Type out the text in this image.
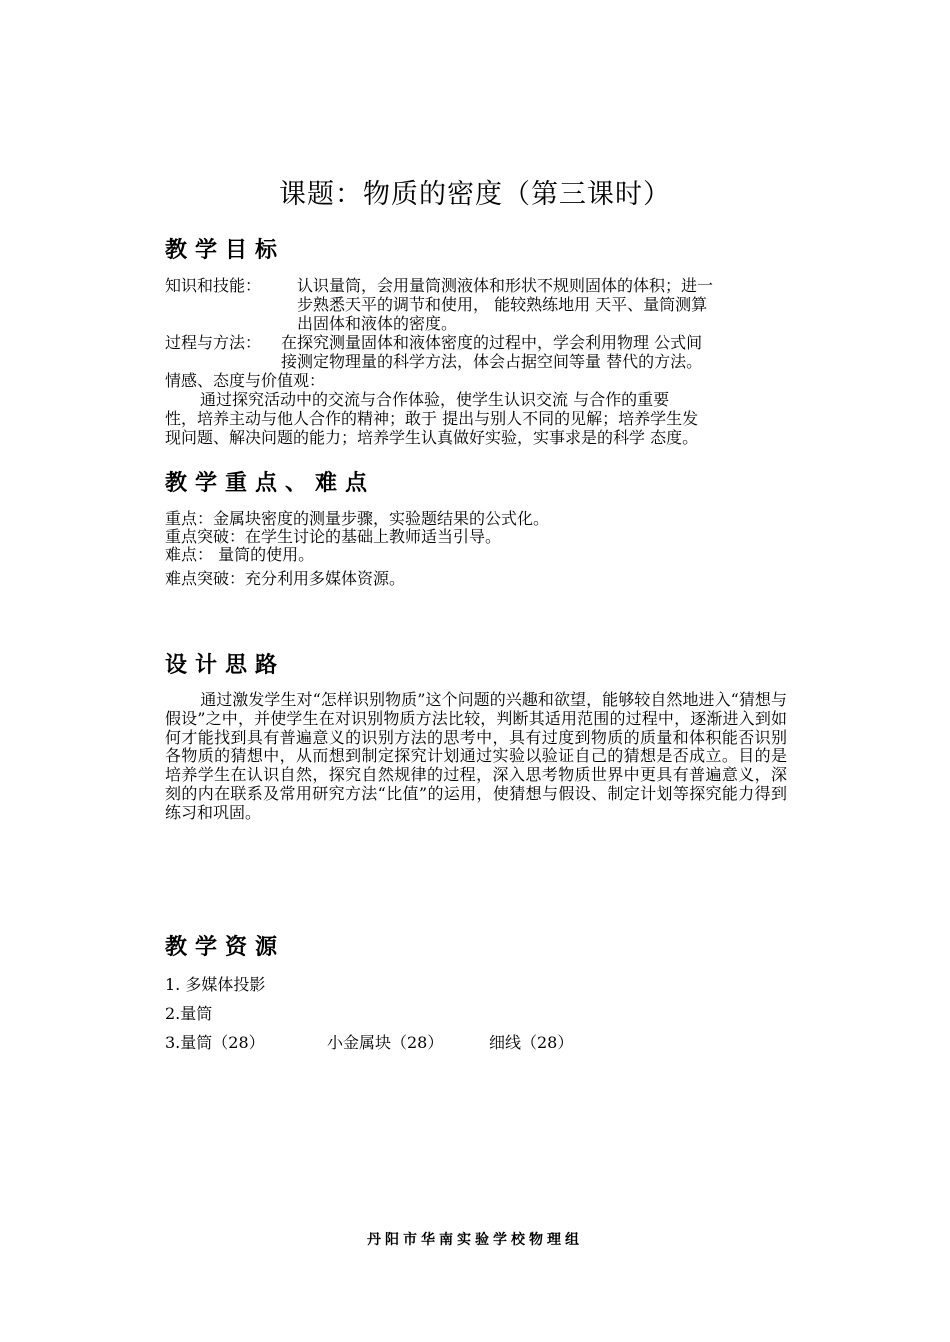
课题：物质的密度（第三课时）
教学目标
知识和技能： 认识量筒，会用量筒测液体和形状不规则固体的体积；进一
步熟悉天平的调节和使用， 能较熟练地用 天平、量筒测算
出固体和液体的密度。
过程与方法： 在探究测量固体和液体密度的过程中，学会利用物理 公式间
接测定物理量的科学方法，体会占据空间等量 替代的方法。
情感、态度与价值观：
通过探究活动中的交流与合作体验，使学生认识交流 与合作的重要
性，培养主动与他人合作的精神；敢于 提出与别人不同的见解；培养学生发
现问题、解决问题的能力；培养学生认真做好实验，实事求是的科学 态度。
教学重点、难点
重点：金属块密度的测量步骤，实验题结果的公式化。
重点突破：在学生讨论的基础上教师适当引导。
难点： 量筒的使用。
难点突破：充分利用多媒体资源。
设计思路

通过激发学生对“怎样识别物质”这个问题的兴趣和欲望，能够较自然地进入“猜想与假设”之中，并使学生在对识别物质方法比较，判断其适用范围的过程中，逐渐进入到如何才能找到具有普遍意义的识别方法的思考中，具有过度到物质的质量和体积能否识别各物质的猜想中，从而想到制定探究计划通过实验以验证自己的猜想是否成立。目的是培养学生在认识自然，探究自然规律的过程，深入思考物质世界中更具有普遍意义，深刻的内在联系及常用研究方法“比值”的运用，使猜想与假设、制定计划等探究能力得到练习和巩固。

教学资源
1. 多媒体投影
2.量筒
3.量筒（28）	小金属块（28）	细线（28）
丹阳市华南实验学校物理组
